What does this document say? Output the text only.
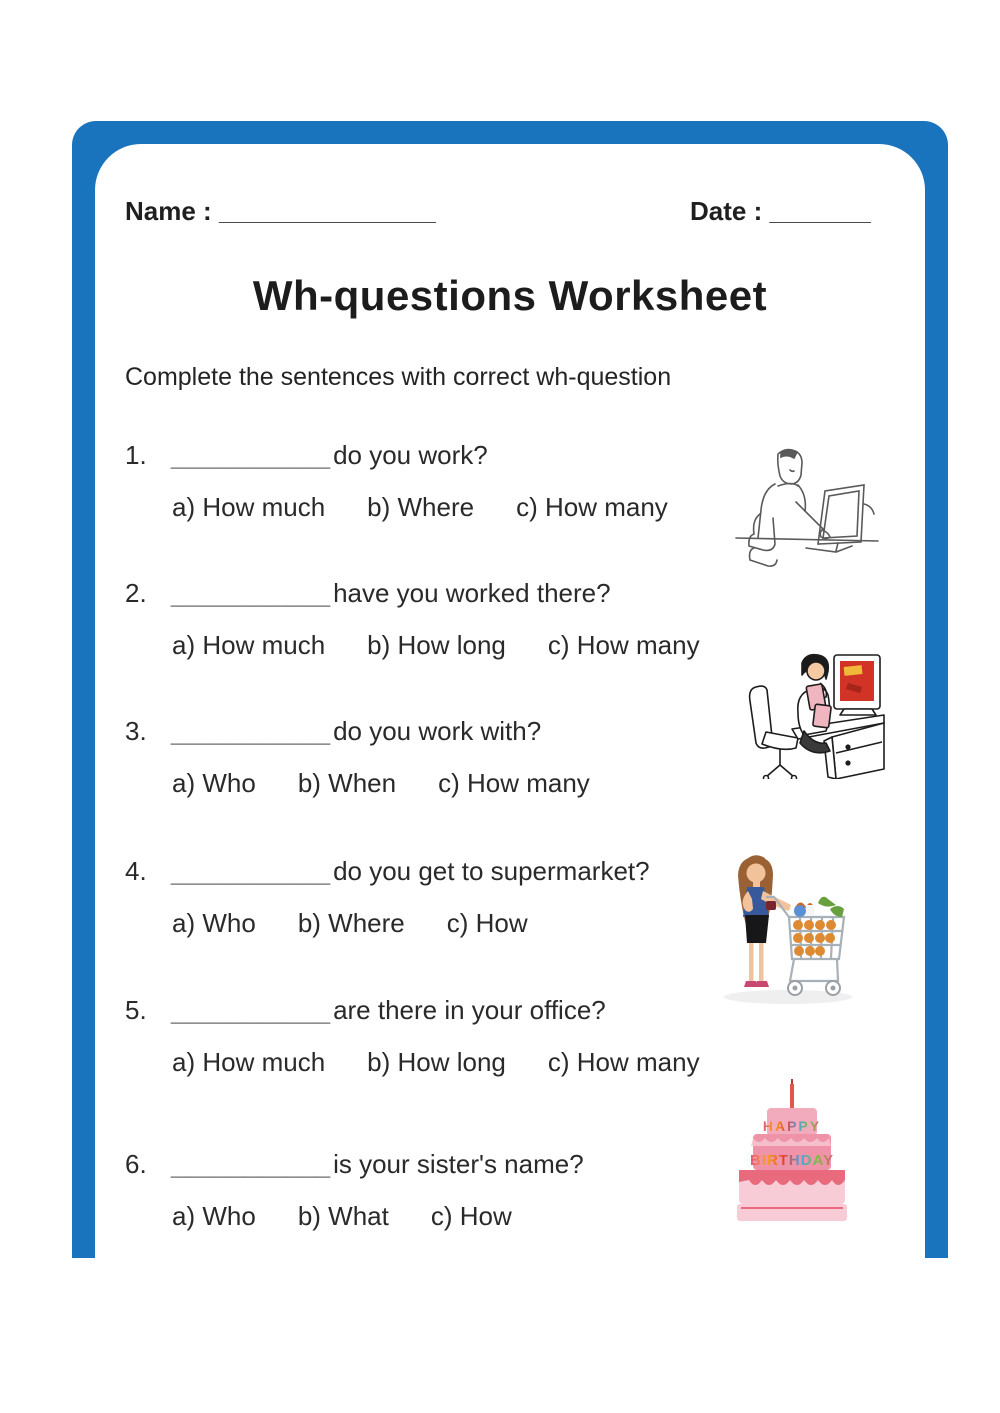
Name : _______________	Date : _______
Wh-questions Worksheet
Complete the sentences with correct wh-question
1. ___________ do you work?
a) How much b) Where c) How many
2. ___________ have you worked there?
a) How much b) How long c) How many
3. ___________ do you work with?
a) Who b) When c) How many
4. ___________ do you get to supermarket?
a) Who b) Where c) How
5. ___________ are there in your office?
a) How much b) How long c) How many
6. ___________ is your sister's name?
a) Who b) What c) How
HAPPY
BIRTHDAY
